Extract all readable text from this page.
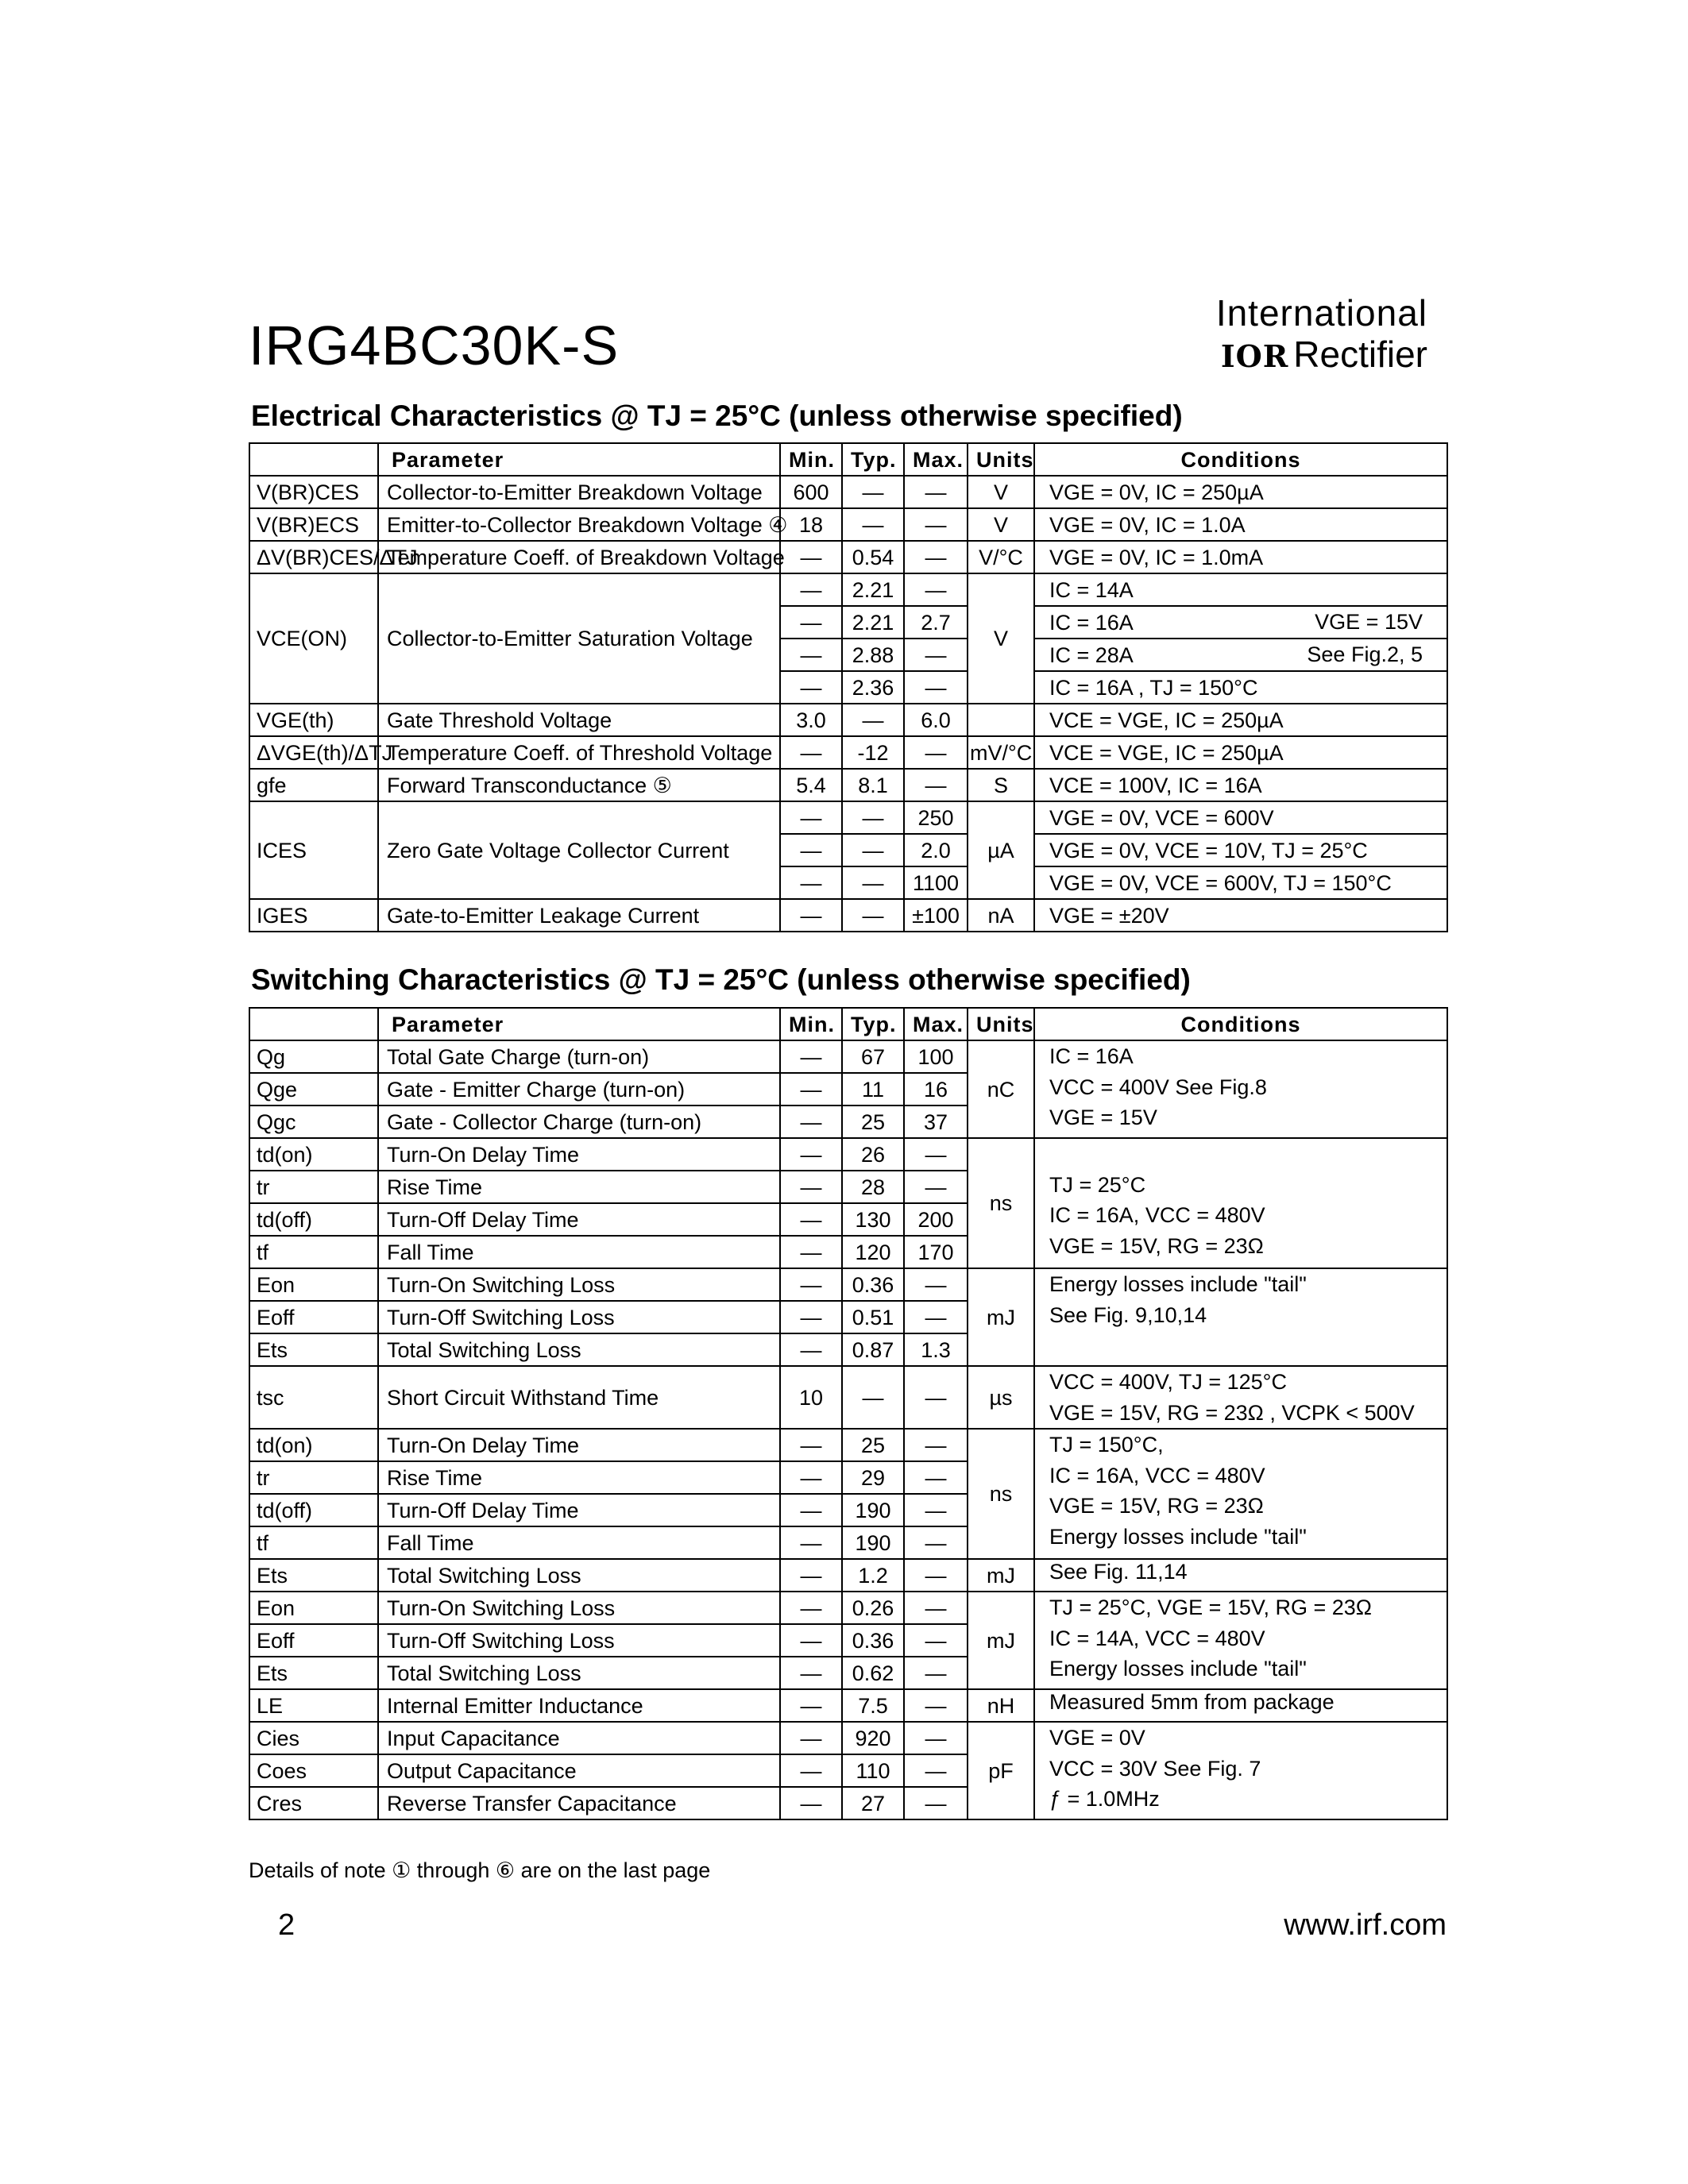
IRG4BC30K-S
International
IOR Rectifier
Electrical Characteristics @ TJ = 25°C (unless otherwise specified)
	Parameter	Min.	Typ.	Max.	Units	Conditions
V(BR)CES	Collector-to-Emitter Breakdown Voltage	600	—	—	V	VGE = 0V, IC = 250µA
V(BR)ECS	Emitter-to-Collector Breakdown Voltage ④	18	—	—	V	VGE = 0V, IC = 1.0A
ΔV(BR)CES/ΔTJ	Temperature Coeff. of Breakdown Voltage	—	0.54	—	V/°C	VGE = 0V, IC = 1.0mA
VCE(ON)	Collector-to-Emitter Saturation Voltage	—	2.21	—	V	IC = 14A
		—	2.21	2.7		IC = 16A VGE = 15V

		—	2.88	—		IC = 28A See Fig.2, 5

		—	2.36	—		IC = 16A , TJ = 150°C
VGE(th)	Gate Threshold Voltage	3.0	—	6.0		VCE = VGE, IC = 250µA
ΔVGE(th)/ΔTJ	Temperature Coeff. of Threshold Voltage	—	-12	—	mV/°C	VCE = VGE, IC = 250µA
gfe	Forward Transconductance ⑤	5.4	8.1	—	S	VCE = 100V, IC = 16A
ICES	Zero Gate Voltage Collector Current	—	—	250	µA	VGE = 0V, VCE = 600V
		—	—	2.0		VGE = 0V, VCE = 10V, TJ = 25°C
		—	—	1100		VGE = 0V, VCE = 600V, TJ = 150°C
IGES	Gate-to-Emitter Leakage Current	—	—	±100	nA	VGE = ±20V
Switching Characteristics @ TJ = 25°C (unless otherwise specified)
	Parameter	Min.	Typ.	Max.	Units	Conditions
Qg	Total Gate Charge (turn-on)	—	67	100	nC	IC = 16A
VCC = 400V See Fig.8
VGE = 15V

Qge	Gate - Emitter Charge (turn-on)	—	11	16		
Qgc	Gate - Collector Charge (turn-on)	—	25	37		
td(on)	Turn-On Delay Time	—	26	—	ns	TJ = 25°C
IC = 16A, VCC = 480V
VGE = 15V, RG = 23Ω

tr	Rise Time	—	28	—		
td(off)	Turn-Off Delay Time	—	130	200		
tf	Fall Time	—	120	170		
Eon	Turn-On Switching Loss	—	0.36	—	mJ	Energy losses include "tail"
See Fig. 9,10,14

Eoff	Turn-Off Switching Loss	—	0.51	—		
Ets	Total Switching Loss	—	0.87	1.3		
tsc	Short Circuit Withstand Time	10	—	—	µs	VCC = 400V, TJ = 125°C
VGE = 15V, RG = 23Ω , VCPK < 500V

td(on)	Turn-On Delay Time	—	25	—	ns	TJ = 150°C,
IC = 16A, VCC = 480V
VGE = 15V, RG = 23Ω
Energy losses include "tail"

tr	Rise Time	—	29	—		
td(off)	Turn-Off Delay Time	—	190	—		
tf	Fall Time	—	190	—		
Ets	Total Switching Loss	—	1.2	—	mJ	See Fig. 11,14

Eon	Turn-On Switching Loss	—	0.26	—	mJ	TJ = 25°C, VGE = 15V, RG = 23Ω
IC = 14A, VCC = 480V
Energy losses include "tail"

Eoff	Turn-Off Switching Loss	—	0.36	—		
Ets	Total Switching Loss	—	0.62	—		
LE	Internal Emitter Inductance	—	7.5	—	nH	Measured 5mm from package

Cies	Input Capacitance	—	920	—	pF	VGE = 0V
VCC = 30V See Fig. 7
ƒ = 1.0MHz

Coes	Output Capacitance	—	110	—		
Cres	Reverse Transfer Capacitance	—	27	—		
Details of note ① through ⑥ are on the last page
2	www.irf.com
